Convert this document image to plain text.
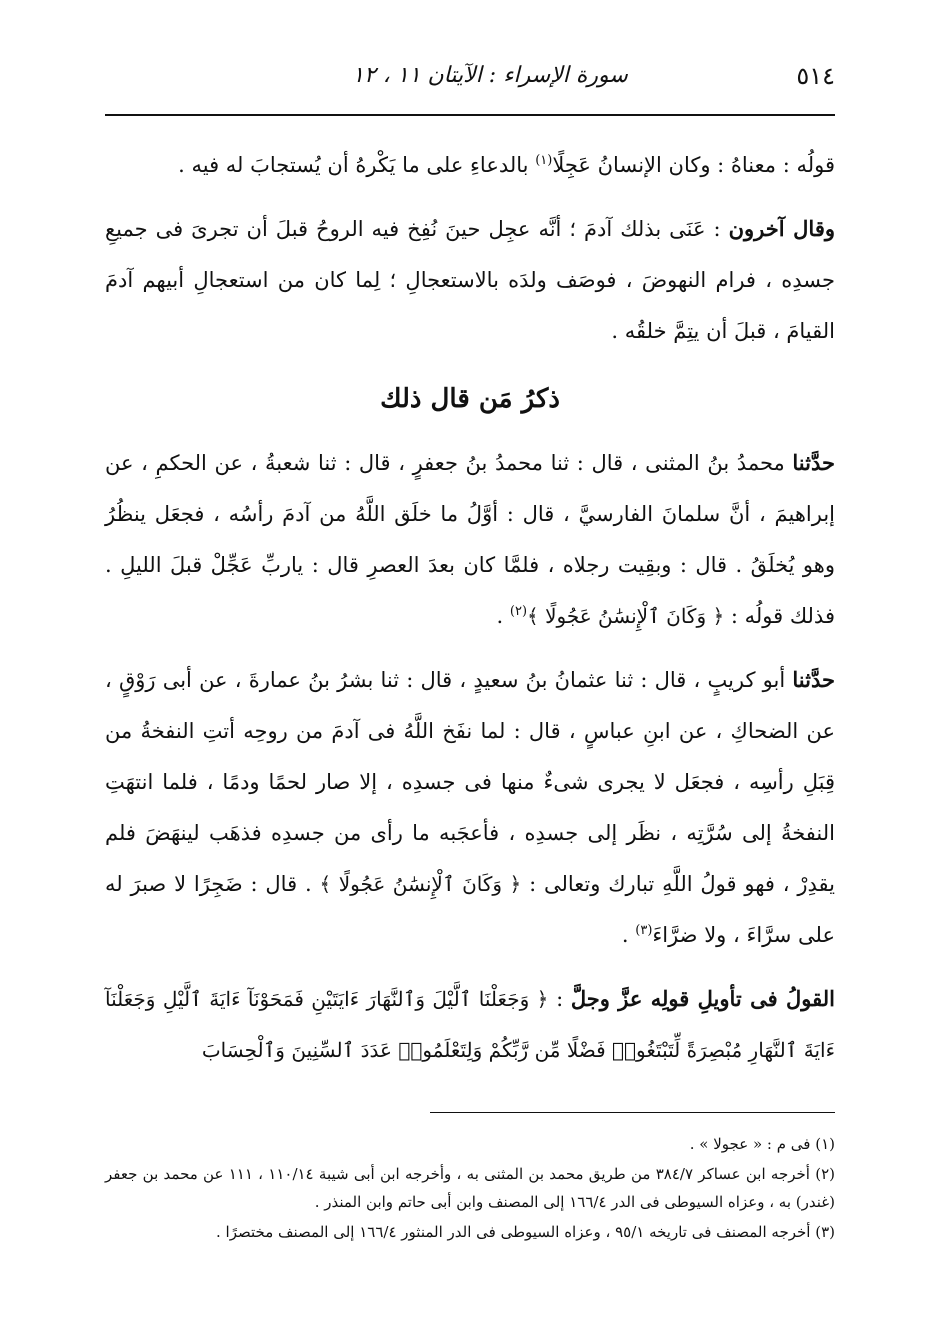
٥١٤
سورة الإسراء : الآيتان ١١ ، ١٢

قولُه : معناهُ : وكان الإنسانُ عَجِلًا$^{(١)}$ بالدعاءِ على ما يَكْرهُ أن يُستجابَ له فيه .

وقال آخرون : عَنَى بذلك آدمَ ؛ أنَّه عجِل حينَ نُفِخ فيه الروحُ قبلَ أن تجرىَ فى جميعِ جسدِه ، فرام النهوضَ ، فوصَف ولدَه بالاستعجالِ ؛ لِما كان من استعجالِ أبيهم آدمَ القيامَ ، قبلَ أن يتِمَّ خلقُه .

ذكرُ مَن قال ذلك

حدَّثنا محمدُ بنُ المثنى ، قال : ثنا محمدُ بنُ جعفرٍ ، قال : ثنا شعبةُ ، عن الحكمِ ، عن إبراهيمَ ، أنَّ سلمانَ الفارسيَّ ، قال : أوَّلُ ما خلَق اللَّهُ من آدمَ رأسُه ، فجعَل ينظُرُ وهو يُخلَقُ . قال : وبقِيت رجلاه ، فلمَّا كان بعدَ العصرِ قال : ياربِّ عَجِّلْ قبلَ الليلِ . فذلك قولُه : ﴿ وَكَانَ ٱلْإِنسَٰنُ عَجُولًا ﴾$^{(٢)}$ .

حدَّثنا أبو كريبٍ ، قال : ثنا عثمانُ بنُ سعيدٍ ، قال : ثنا بشرُ بنُ عمارةَ ، عن أبى رَوْقٍ ، عن الضحاكِ ، عن ابنِ عباسٍ ، قال : لما نفَخ اللَّهُ فى آدمَ من روحِه أتتِ النفخةُ من قِبَلِ رأسِه ، فجعَل لا يجرى شىءٌ منها فى جسدِه ، إلا صار لحمًا ودمًا ، فلما انتهَتِ النفخةُ إلى سُرَّتِه ، نظَر إلى جسدِه ، فأعجَبه ما رأى من جسدِه فذهَب لينهَضَ فلم يقدِرْ ، فهو قولُ اللَّهِ تبارك وتعالى : ﴿ وَكَانَ ٱلْإِنسَٰنُ عَجُولًا ﴾ . قال : ضَجِرًا لا صبرَ له على سرَّاءَ ، ولا ضرَّاءَ$^{(٣)}$ .

القولُ فى تأويلِ قولِه عزَّ وجلَّ : ﴿ وَجَعَلْنَا ٱلَّيْلَ وَٱلنَّهَارَ ءَايَتَيْنِ فَمَحَوْنَآ ءَايَةَ ٱلَّيْلِ وَجَعَلْنَآ ءَايَةَ ٱلنَّهَارِ مُبْصِرَةً لِّتَبْتَغُوا۟ فَضْلًا مِّن رَّبِّكُمْ وَلِتَعْلَمُوا۟ عَدَدَ ٱلسِّنِينَ وَٱلْحِسَابَ

(١) فى م : « عجولا » .

(٢) أخرجه ابن عساكر ٣٨٤/٧ من طريق محمد بن المثنى به ، وأخرجه ابن أبى شيبة ١١٠/١٤ ، ١١١ عن محمد بن جعفر (غندر) به ، وعزاه السيوطى فى الدر ١٦٦/٤ إلى المصنف وابن أبى حاتم وابن المنذر .

(٣) أخرجه المصنف فى تاريخه ٩٥/١ ، وعزاه السيوطى فى الدر المنثور ١٦٦/٤ إلى المصنف مختصرًا .
